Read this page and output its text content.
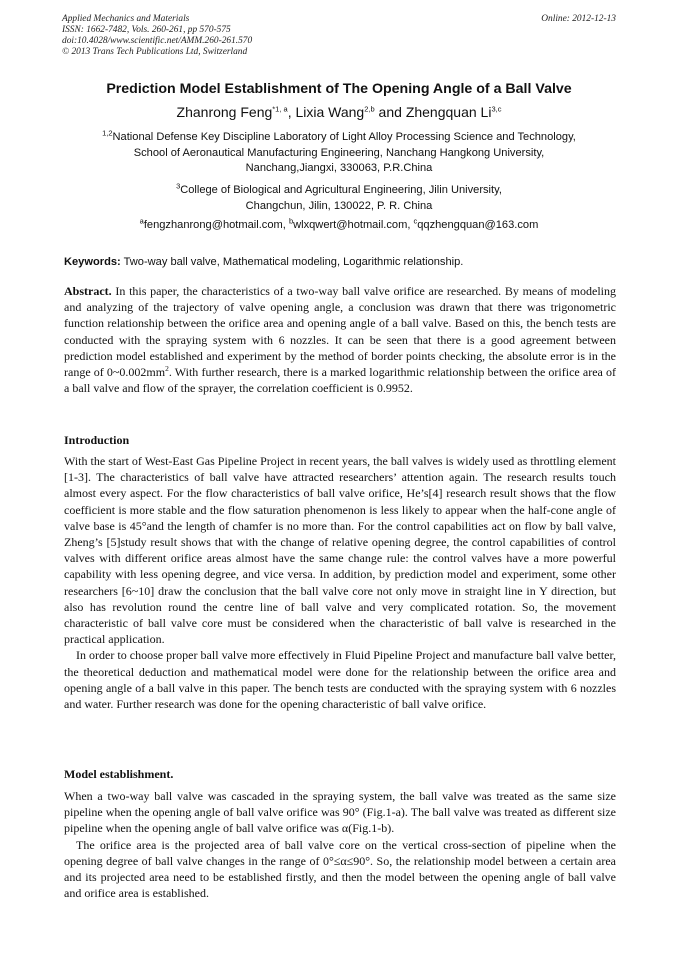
Applied Mechanics and Materials
ISSN: 1662-7482, Vols. 260-261, pp 570-575
doi:10.4028/www.scientific.net/AMM.260-261.570
© 2013 Trans Tech Publications Ltd, Switzerland
Online: 2012-12-13
Prediction Model Establishment of The Opening Angle of a Ball Valve
Zhanrong Feng$^{*1, a}$, Lixia Wang$^{2,b}$ and Zhengquan Li$^{3,c}$
$^{1,2}$National Defense Key Discipline Laboratory of Light Alloy Processing Science and Technology,
School of Aeronautical Manufacturing Engineering, Nanchang Hangkong University,
Nanchang,Jiangxi, 330063, P.R.China
$^3$College of Biological and Agricultural Engineering, Jilin University,
Changchun, Jilin, 130022, P. R. China
$^a$fengzhanrong@hotmail.com, $^b$wlxqwert@hotmail.com, $^c$qqzhengquan@163.com
Keywords: Two-way ball valve, Mathematical modeling, Logarithmic relationship.
Abstract. In this paper, the characteristics of a two-way ball valve orifice are researched. By means of modeling and analyzing of the trajectory of valve opening angle, a conclusion was drawn that there was trigonometric function relationship between the orifice area and opening angle of a ball valve. Based on this, the bench tests are conducted with the spraying system with 6 nozzles. It can be seen that there is a good agreement between prediction model established and experiment by the method of border points checking, the absolute error is in the range of $0\sim 0.002mm^2$. With further research, there is a marked logarithmic relationship between the orifice area of a ball valve and flow of the sprayer, the correlation coefficient is 0.9952.
Introduction

With the start of West-East Gas Pipeline Project in recent years, the ball valves is widely used as throttling element [1-3]. The characteristics of ball valve have attracted researchers’ attention again. The research results touch almost every aspect. For the flow characteristics of ball valve orifice, He’s[4] research result shows that the flow coefficient is more stable and the flow saturation phenomenon is less likely to appear when the half-cone angle of valve base is 45°and the length of chamfer is no more than. For the control capabilities act on flow by ball valve, Zheng’s [5]study result shows that with the change of relative opening degree, the control capabilities of control valves with different orifice areas almost have the same change rule: the control valves have a more powerful capability with less opening degree, and vice versa. In addition, by prediction model and experiment, some other researchers [6~10] draw the conclusion that the ball valve core not only move in straight line in Y direction, but also has revolution round the centre line of ball valve and very complicated rotation. So, the movement characteristic of ball valve core must be considered when the characteristic of ball valve is researched in the practical application.

In order to choose proper ball valve more effectively in Fluid Pipeline Project and manufacture ball valve better, the theoretical deduction and mathematical model were done for the relationship between the orifice area and opening angle of a ball valve in this paper. The bench tests are conducted with the spraying system with 6 nozzles and water. Further research was done for the opening characteristic of ball valve orifice.

Model establishment.

When a two-way ball valve was cascaded in the spraying system, the ball valve was treated as the same size pipeline when the opening angle of ball valve orifice was 90° (Fig.1-a). The ball valve was treated as different size pipeline when the opening angle of ball valve orifice was α(Fig.1-b).

The orifice area is the projected area of ball valve core on the vertical cross-section of pipeline when the opening degree of ball valve changes in the range of 0°≤α≤90°. So, the relationship model between a certain area and its projected area need to be established firstly, and then the model between the opening angle of ball valve and orifice area is established.
